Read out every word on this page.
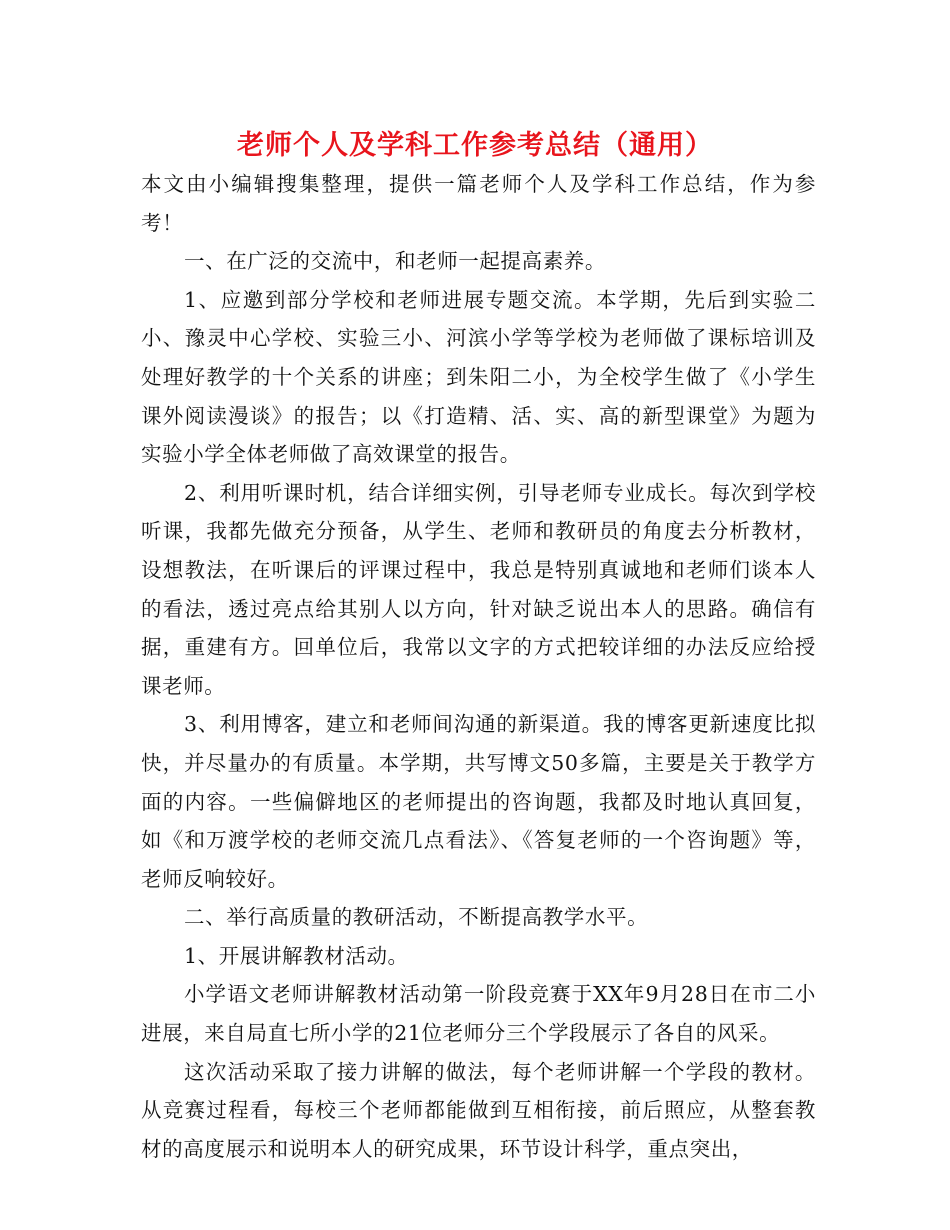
老师个人及学科工作参考总结（通用）

本文由小编辑搜集整理，提供一篇老师个人及学科工作总结，作为参考！

一、在广泛的交流中，和老师一起提高素养。

1、应邀到部分学校和老师进展专题交流。本学期，先后到实验二小、豫灵中心学校、实验三小、河滨小学等学校为老师做了课标培训及处理好教学的十个关系的讲座；到朱阳二小，为全校学生做了《小学生课外阅读漫谈》的报告；以《打造精、活、实、高的新型课堂》为题为实验小学全体老师做了高效课堂的报告。

2、利用听课时机，结合详细实例，引导老师专业成长。每次到学校听课，我都先做充分预备，从学生、老师和教研员的角度去分析教材，设想教法，在听课后的评课过程中，我总是特别真诚地和老师们谈本人的看法，透过亮点给其别人以方向，针对缺乏说出本人的思路。确信有据，重建有方。回单位后，我常以文字的方式把较详细的办法反应给授课老师。

3、利用博客，建立和老师间沟通的新渠道。我的博客更新速度比拟快，并尽量办的有质量。本学期，共写博文50多篇，主要是关于教学方面的内容。一些偏僻地区的老师提出的咨询题，我都及时地认真回复，如《和万渡学校的老师交流几点看法》、《答复老师的一个咨询题》等，老师反响较好。

二、举行高质量的教研活动，不断提高教学水平。

1、开展讲解教材活动。

小学语文老师讲解教材活动第一阶段竞赛于XX年9月28日在市二小进展，来自局直七所小学的21位老师分三个学段展示了各自的风采。

这次活动采取了接力讲解的做法，每个老师讲解一个学段的教材。从竞赛过程看，每校三个老师都能做到互相衔接，前后照应，从整套教材的高度展示和说明本人的研究成果，环节设计科学，重点突出，
